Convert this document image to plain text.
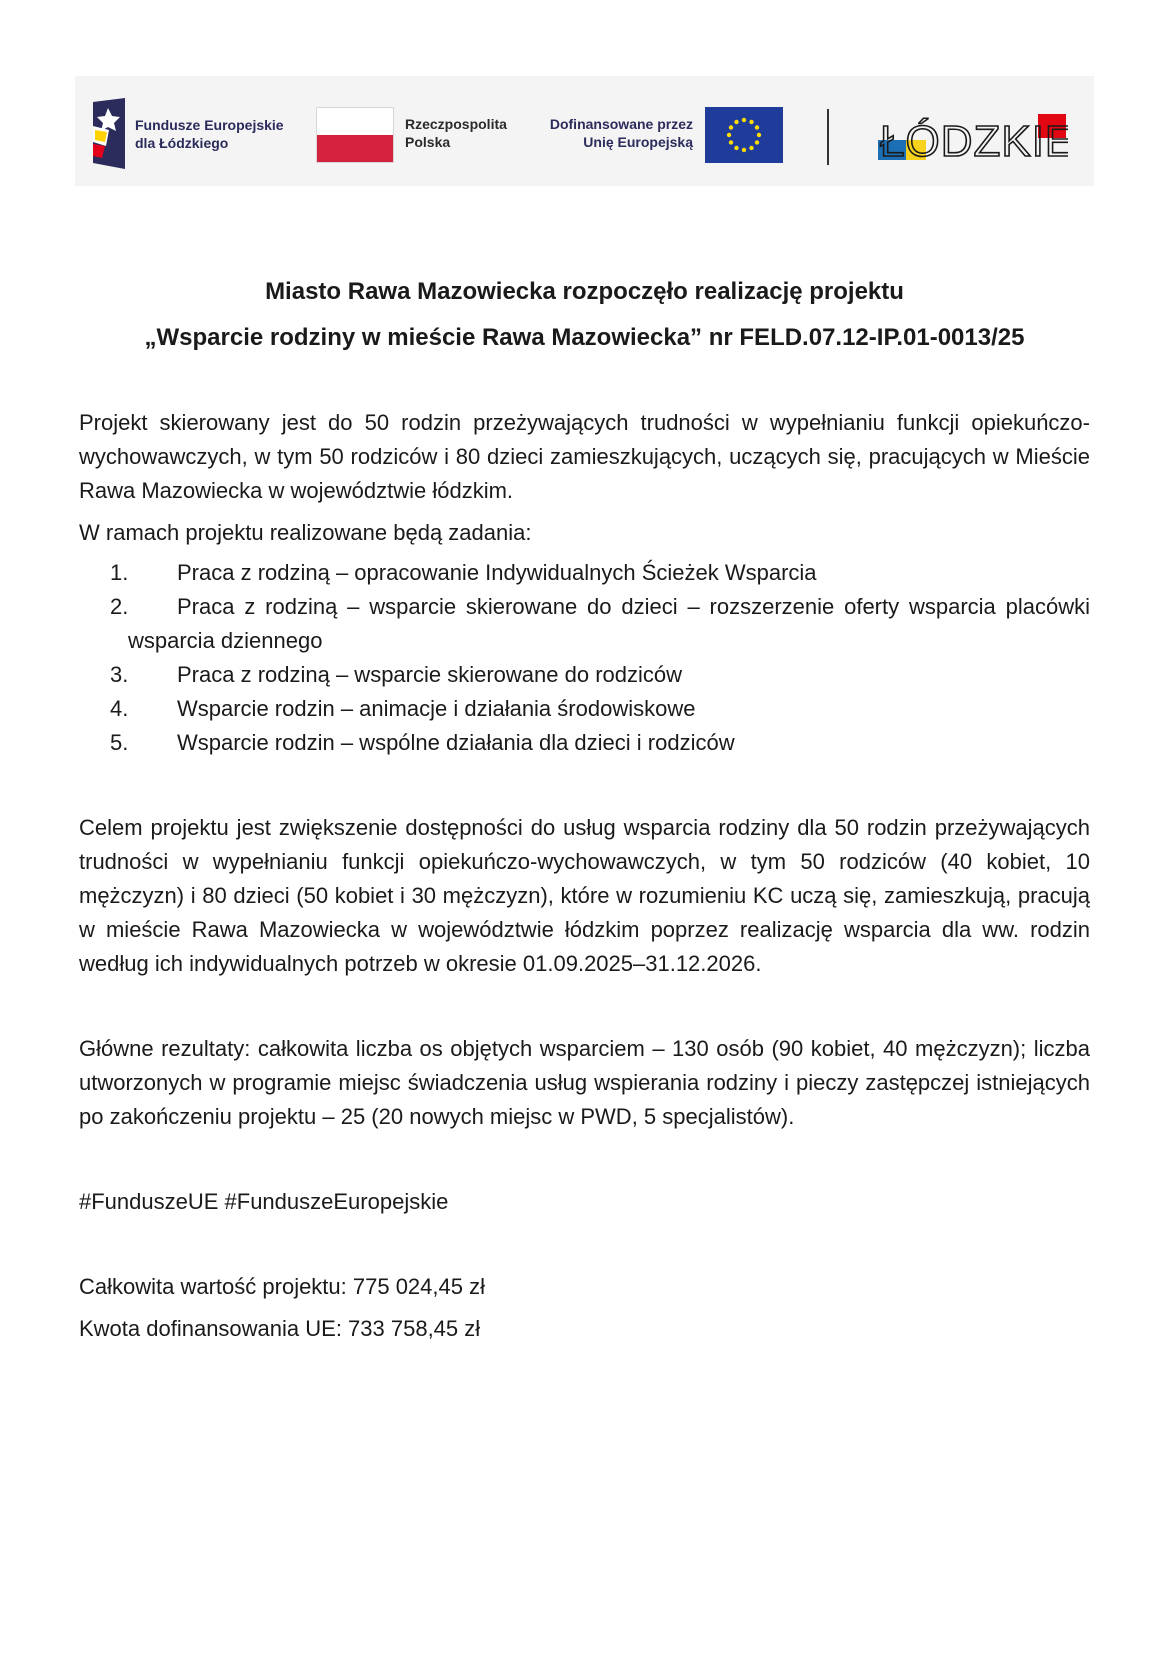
Fundusze Europejskie
dla Łódzkiego
Rzeczpospolita
Polska
Dofinansowane przez
Unię Europejską	ŁÓDZKIE

Miasto Rawa Mazowiecka rozpoczęło realizację projektu

„Wsparcie rodziny w mieście Rawa Mazowiecka” nr FELD.07.12-IP.01-0013/25

Projekt skierowany jest do 50 rodzin przeżywających trudności w wypełnianiu funkcji opiekuńczo-wychowawczych, w tym 50 rodziców i 80 dzieci zamieszkujących, uczących się, pracujących w Mieście Rawa Mazowiecka w województwie łódzkim.

W ramach projektu realizowane będą zadania:

1. Praca z rodziną – opracowanie Indywidualnych Ścieżek Wsparcia
2. Praca z rodziną – wsparcie skierowane do dzieci – rozszerzenie oferty wsparcia placówki wsparcia dziennego
3. Praca z rodziną – wsparcie skierowane do rodziców
4. Wsparcie rodzin – animacje i działania środowiskowe
5. Wsparcie rodzin – wspólne działania dla dzieci i rodziców

Celem projektu jest zwiększenie dostępności do usług wsparcia rodziny dla 50 rodzin przeżywających trudności w wypełnianiu funkcji opiekuńczo-wychowawczych, w tym 50 rodziców (40 kobiet, 10 mężczyzn) i 80 dzieci (50 kobiet i 30 mężczyzn), które w rozumieniu KC uczą się, zamieszkują, pracują w mieście Rawa Mazowiecka w województwie łódzkim poprzez realizację wsparcia dla ww. rodzin według ich indywidualnych potrzeb w okresie 01.09.2025–31.12.2026.

Główne rezultaty: całkowita liczba os objętych wsparciem – 130 osób (90 kobiet, 40 mężczyzn); liczba utworzonych w programie miejsc świadczenia usług wspierania rodziny i pieczy zastępczej istniejących po zakończeniu projektu – 25 (20 nowych miejsc w PWD, 5 specjalistów).

#FunduszeUE #FunduszeEuropejskie

Całkowita wartość projektu: 775 024,45 zł

Kwota dofinansowania UE: 733 758,45 zł
